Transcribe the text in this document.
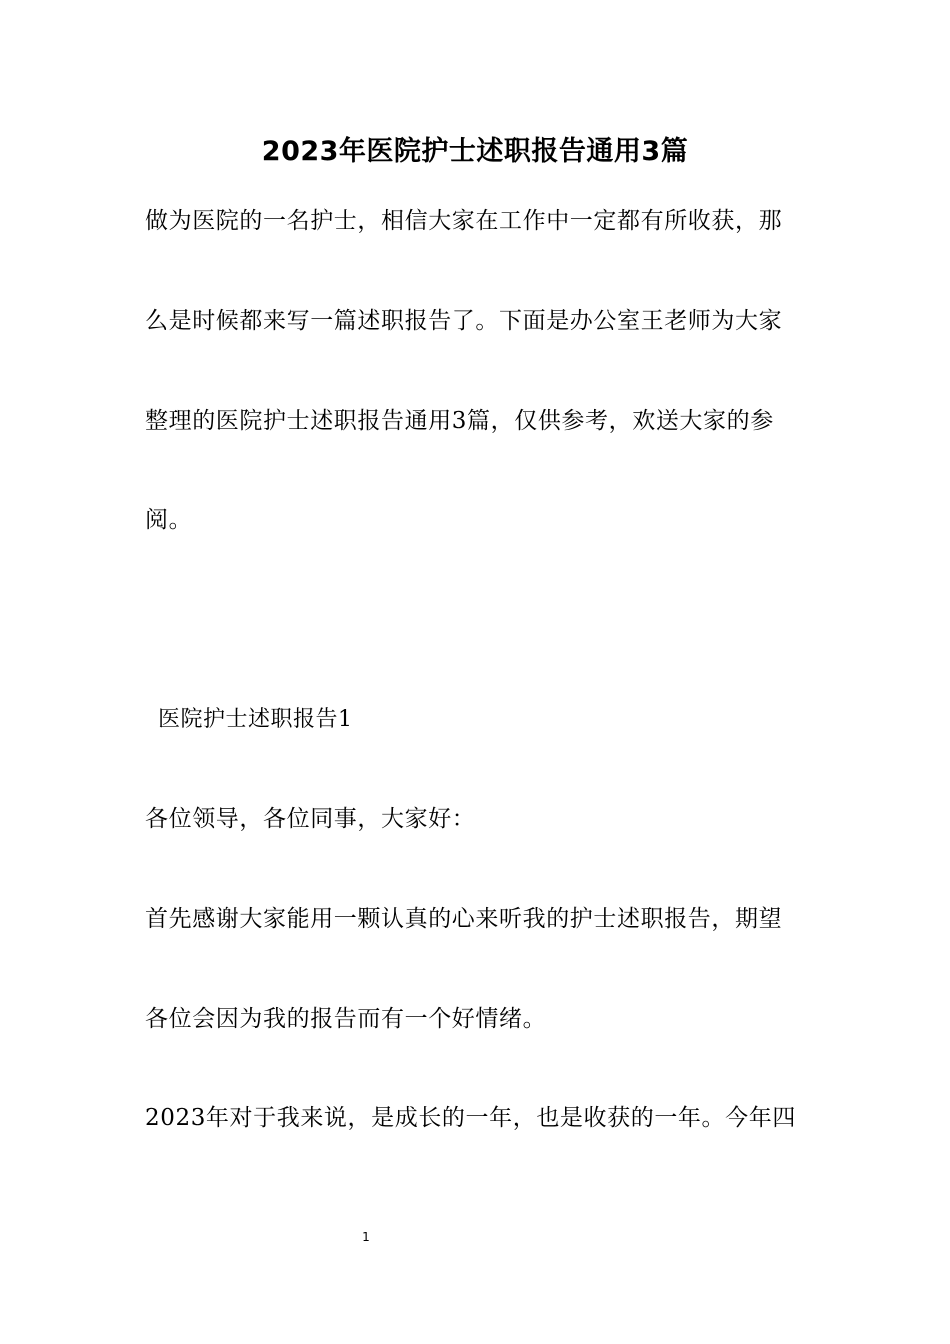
2023年医院护士述职报告通用3篇
做为医院的一名护士，相信大家在工作中一定都有所收获，那
么是时候都来写一篇述职报告了。下面是办公室王老师为大家
整理的医院护士述职报告通用3篇，仅供参考，欢送大家的参
阅。
医院护士述职报告1
各位领导，各位同事，大家好：
首先感谢大家能用一颗认真的心来听我的护士述职报告，期望
各位会因为我的报告而有一个好情绪。
2023年对于我来说，是成长的一年，也是收获的一年。今年四
1
